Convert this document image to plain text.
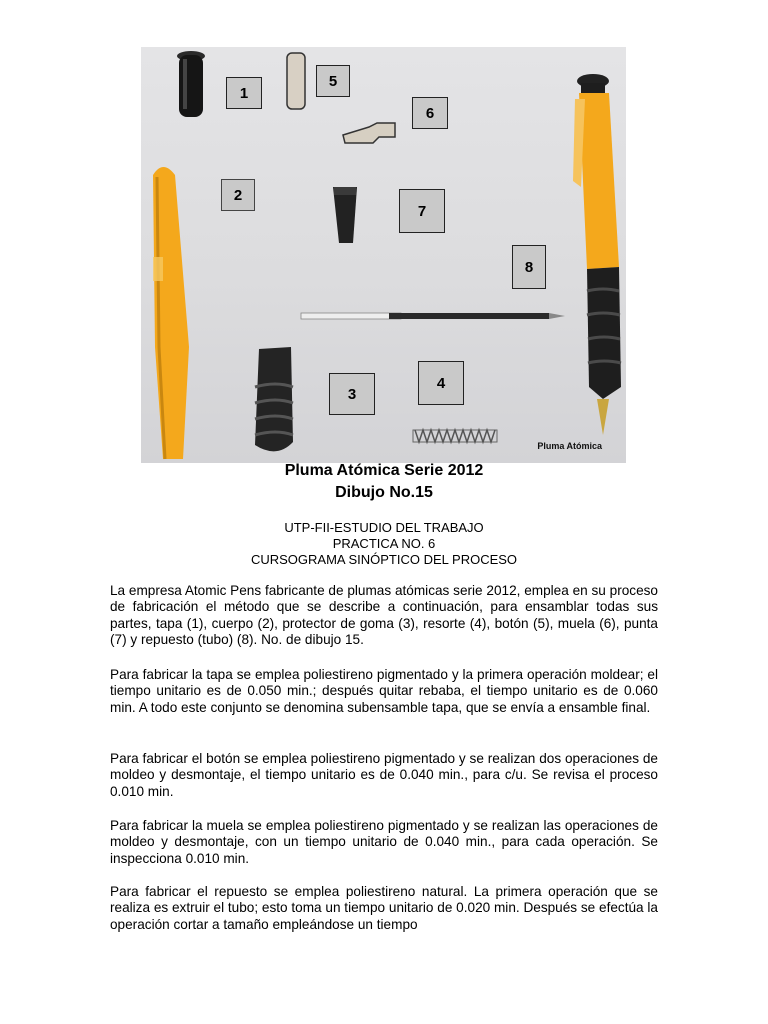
1
2
3
4
5
6
7
8
Pluma Atómica
Pluma Atómica Serie 2012
Dibujo No.15
UTP-FII-ESTUDIO DEL TRABAJO
PRACTICA NO. 6
CURSOGRAMA SINÓPTICO DEL PROCESO

La empresa Atomic Pens fabricante de plumas atómicas serie 2012, emplea en su proceso de fabricación el método que se describe a continuación, para ensamblar todas sus partes, tapa (1), cuerpo (2), protector de goma (3), resorte (4), botón (5), muela (6), punta (7) y repuesto (tubo) (8). No. de dibujo 15.

Para fabricar la tapa se emplea poliestireno pigmentado y la primera operación moldear; el tiempo unitario es de 0.050 min.; después quitar rebaba, el tiempo unitario es de 0.060 min. A todo este conjunto se denomina subensamble tapa, que se envía a ensamble final.

Para fabricar el botón se emplea poliestireno pigmentado y se realizan dos operaciones de moldeo y desmontaje, el tiempo unitario es de 0.040 min., para c/u. Se revisa el proceso 0.010 min.

Para fabricar la muela se emplea poliestireno pigmentado y se realizan las operaciones de moldeo y desmontaje, con un tiempo unitario de 0.040 min., para cada operación. Se inspecciona 0.010 min.

Para fabricar el repuesto se emplea poliestireno natural. La primera operación que se realiza es extruir el tubo; esto toma un tiempo unitario de 0.020 min. Después se efectúa la operación cortar a tamaño empleándose un tiempo
